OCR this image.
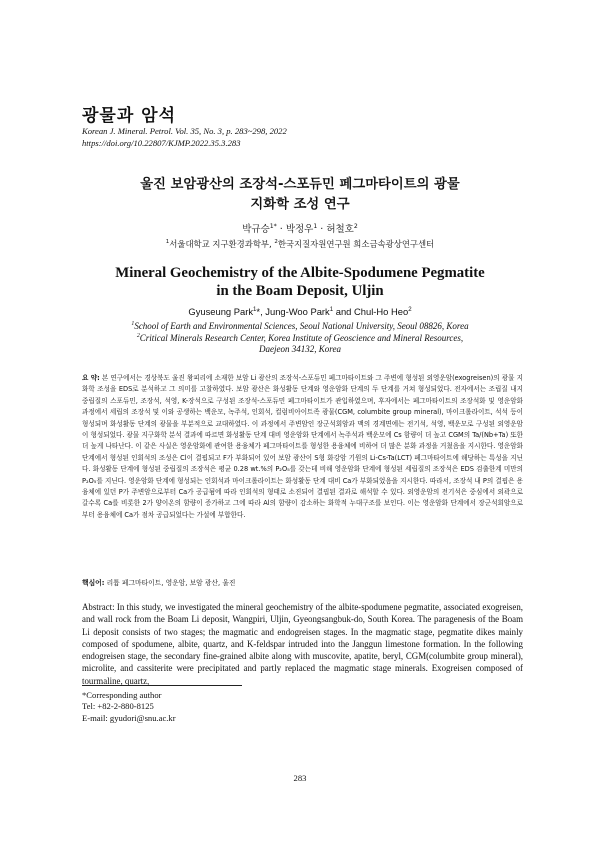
광물과 암석
Korean J. Mineral. Petrol. Vol. 35, No. 3, p. 283~298, 2022
https://doi.org/10.22807/KJMP.2022.35.3.283
울진 보암광산의 조장석-스포듀민 페그마타이트의 광물
지화학 조성 연구
박규승$^{1*}$ · 박정우$^1$ · 허철호$^2$
$^1$서울대학교 지구환경과학부, $^2$한국지질자원연구원 희소금속광상연구센터
Mineral Geochemistry of the Albite-Spodumene Pegmatite
in the Boam Deposit, Uljin
Gyuseung Park$^1$*, Jung-Woo Park$^1$ and Chul-Ho Heo$^2$
$^1$School of Earth and Environmental Sciences, Seoul National University, Seoul 08826, Korea
$^2$Critical Minerals Research Center, Korea Institute of Geoscience and Mineral Resources,
Daejeon 34132, Korea
요 약: 본 연구에서는 경상북도 울진 왕피리에 소재한 보암 Li 광산의 조장석-스포듀민 페그마타이트와 그 주변에 형성된 외영운암(exogreisen)의 광물 지화학 조성을 EDS로 분석하고 그 의미를 고찰하였다. 보암 광산은 화성활동 단계와 영운암화 단계의 두 단계를 거쳐 형성되었다. 전자에서는 조립질 내지 중립질의 스포듀민, 조장석, 석영, K-장석으로 구성된 조장석-스포듀민 페그마타이트가 관입하였으며, 후자에서는 페그마타이트의 조장석화 및 영운암화 과정에서 세립의 조장석 및 이와 공생하는 백운모, 녹주석, 인회석, 컬럼비아이트족 광물(CGM, columbite group mineral), 마이크롤라이트, 석석 등이 형성되며 화성활동 단계의 광물을 부분적으로 교대하였다. 이 과정에서 주변암인 장군석회암과 맥의 경계면에는 전기석, 석영, 백운모로 구성된 외영운암이 형성되었다. 광물 지구화학 분석 결과에 따르면 화성활동 단계 대비 영운암화 단계에서 녹주석과 백운모에 Cs 함량이 더 높고 CGM의 Ta/(Nb+Ta) 또한 더 높게 나타난다. 이 같은 사실은 영운암화에 관여한 용융체가 페그마타이트를 형성한 용융체에 비하여 더 많은 분화 과정을 거쳤음을 지시한다. 영운암화 단계에서 형성된 인회석의 조성은 Cl이 결핍되고 F가 부화되어 있어 보암 광산이 S형 화강암 기원의 Li-Cs-Ta(LCT) 페그마타이트에 해당하는 특성을 지닌다. 화성활동 단계에 형성된 중립질의 조장석은 평균 0.28 wt.%의 P₂O₅를 갖는데 비해 영운암화 단계에 형성된 세립질의 조장석은 EDS 검출한계 미만의 P₂O₅를 지닌다. 영운암화 단계에 형성되는 인회석과 마이크롤라이트는 화성활동 단계 대비 Ca가 부화되었음을 지시한다. 따라서, 조장석 내 P의 결핍은 용융체에 있던 P가 주변암으로부터 Ca가 공급됨에 따라 인회석의 형태로 소진되어 결핍된 결과로 해석할 수 있다. 외영운암의 전기석은 중심에서 외곽으로 갈수록 Ca를 비롯한 2가 양이온의 함량이 증가하고 그에 따라 Al의 함량이 감소하는 화학적 누대구조를 보인다. 이는 영운암화 단계에서 장군석회암으로부터 용융체에 Ca가 점차 공급되었다는 가설에 부합한다.
핵심어: 리튬 페그마타이트, 영운암, 보암 광산, 울진
Abstract: In this study, we investigated the mineral geochemistry of the albite-spodumene pegmatite, associated exogreisen, and wall rock from the Boam Li deposit, Wangpiri, Uljin, Gyeongsangbuk-do, South Korea. The paragenesis of the Boam Li deposit consists of two stages; the magmatic and endogreisen stages. In the magmatic stage, pegmatite dikes mainly composed of spodumene, albite, quartz, and K-feldspar intruded into the Janggun limestone formation. In the following endogreisen stage, the secondary fine-grained albite along with muscovite, apatite, beryl, CGM(columbite group mineral), microlite, and cassiterite were precipitated and partly replaced the magmatic stage minerals. Exogreisen composed of tourmaline, quartz,
*Corresponding author
Tel: +82-2-880-8125
E-mail: gyudori@snu.ac.kr
283
